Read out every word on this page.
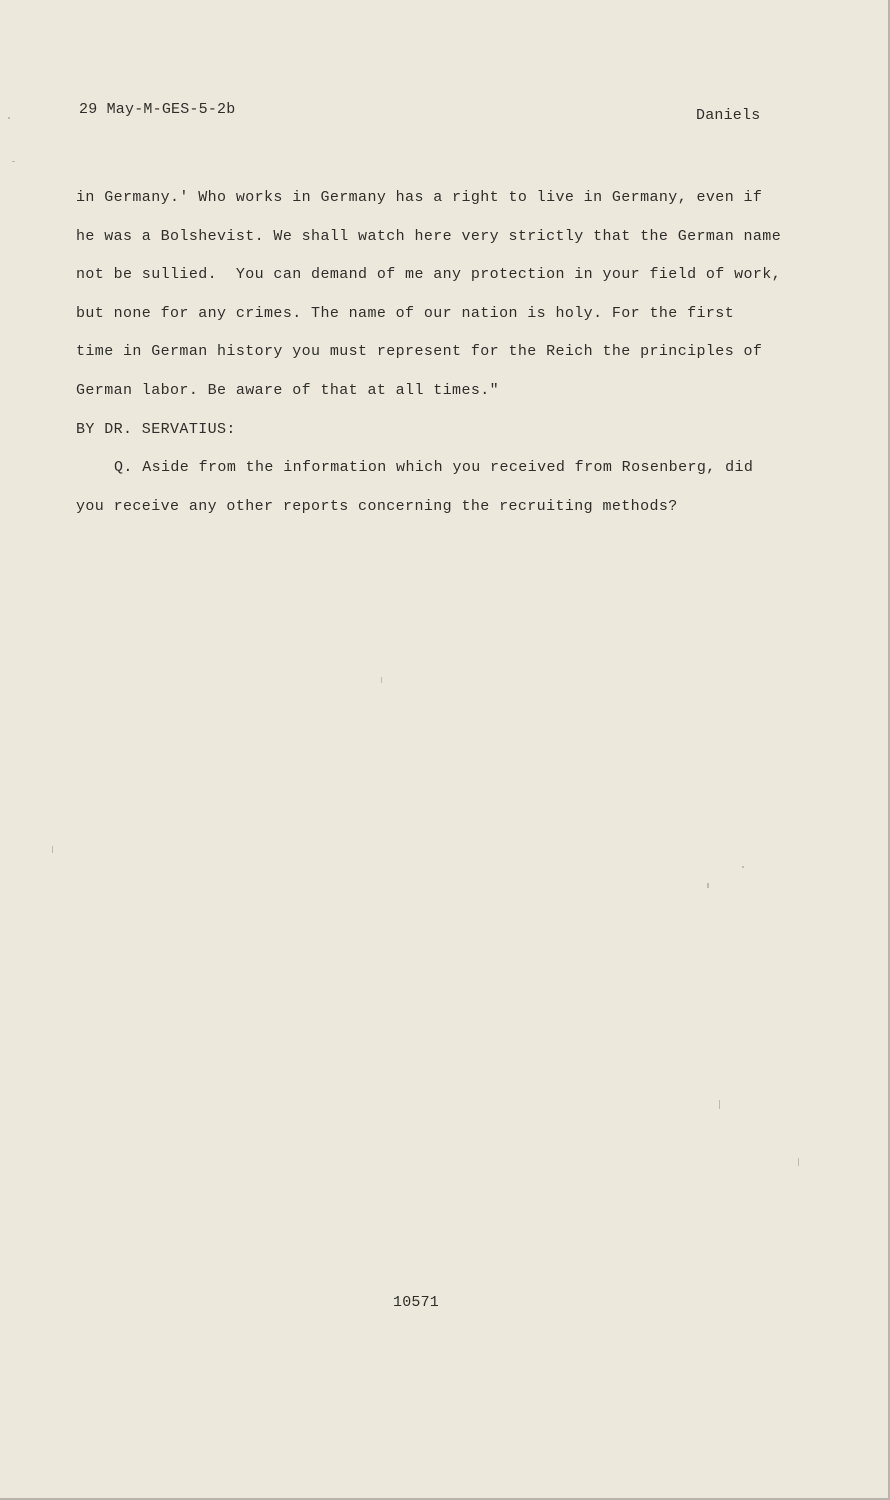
29 May-M-GES-5-2b	Daniels
in Germany.' Who works in Germany has a right to live in Germany, even if
he was a Bolshevist. We shall watch here very strictly that the German name
not be sullied.  You can demand of me any protection in your field of work,
but none for any crimes. The name of our nation is holy. For the first
time in German history you must represent for the Reich the principles of
German labor. Be aware of that at all times."
BY DR. SERVATIUS:
Q. Aside from the information which you received from Rosenberg, did
you receive any other reports concerning the recruiting methods?
10571
